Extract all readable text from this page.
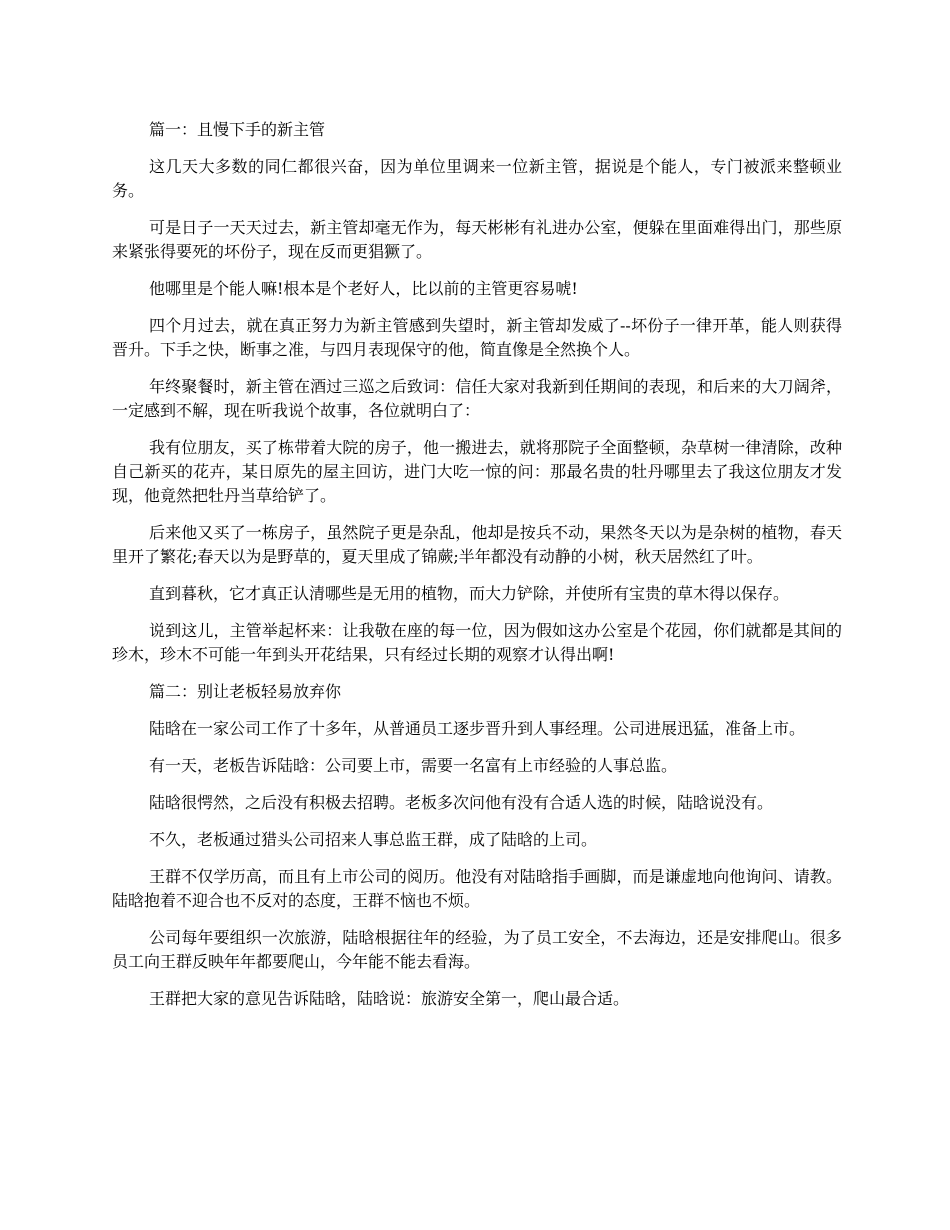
篇一：且慢下手的新主管

这几天大多数的同仁都很兴奋，因为单位里调来一位新主管，据说是个能人，专门被派来整顿业务。

可是日子一天天过去，新主管却毫无作为，每天彬彬有礼进办公室，便躲在里面难得出门，那些原来紧张得要死的坏份子，现在反而更猖獗了。

他哪里是个能人嘛!根本是个老好人，比以前的主管更容易唬!

四个月过去，就在真正努力为新主管感到失望时，新主管却发威了--坏份子一律开革，能人则获得晋升。下手之快，断事之准，与四月表现保守的他，简直像是全然换个人。

年终聚餐时，新主管在酒过三巡之后致词：信任大家对我新到任期间的表现，和后来的大刀阔斧，一定感到不解，现在听我说个故事，各位就明白了：

我有位朋友，买了栋带着大院的房子，他一搬进去，就将那院子全面整顿，杂草树一律清除，改种自己新买的花卉，某日原先的屋主回访，进门大吃一惊的问：那最名贵的牡丹哪里去了我这位朋友才发现，他竟然把牡丹当草给铲了。

后来他又买了一栋房子，虽然院子更是杂乱，他却是按兵不动，果然冬天以为是杂树的植物，春天里开了繁花;春天以为是野草的，夏天里成了锦蕨;半年都没有动静的小树，秋天居然红了叶。

直到暮秋，它才真正认清哪些是无用的植物，而大力铲除，并使所有宝贵的草木得以保存。

说到这儿，主管举起杯来：让我敬在座的每一位，因为假如这办公室是个花园，你们就都是其间的珍木，珍木不可能一年到头开花结果，只有经过长期的观察才认得出啊!

篇二：别让老板轻易放弃你

陆晗在一家公司工作了十多年，从普通员工逐步晋升到人事经理。公司进展迅猛，准备上市。

有一天，老板告诉陆晗：公司要上市，需要一名富有上市经验的人事总监。

陆晗很愕然，之后没有积极去招聘。老板多次问他有没有合适人选的时候，陆晗说没有。

不久，老板通过猎头公司招来人事总监王群，成了陆晗的上司。

王群不仅学历高，而且有上市公司的阅历。他没有对陆晗指手画脚，而是谦虚地向他询问、请教。陆晗抱着不迎合也不反对的态度，王群不恼也不烦。

公司每年要组织一次旅游，陆晗根据往年的经验，为了员工安全，不去海边，还是安排爬山。很多员工向王群反映年年都要爬山，今年能不能去看海。

王群把大家的意见告诉陆晗，陆晗说：旅游安全第一，爬山最合适。
